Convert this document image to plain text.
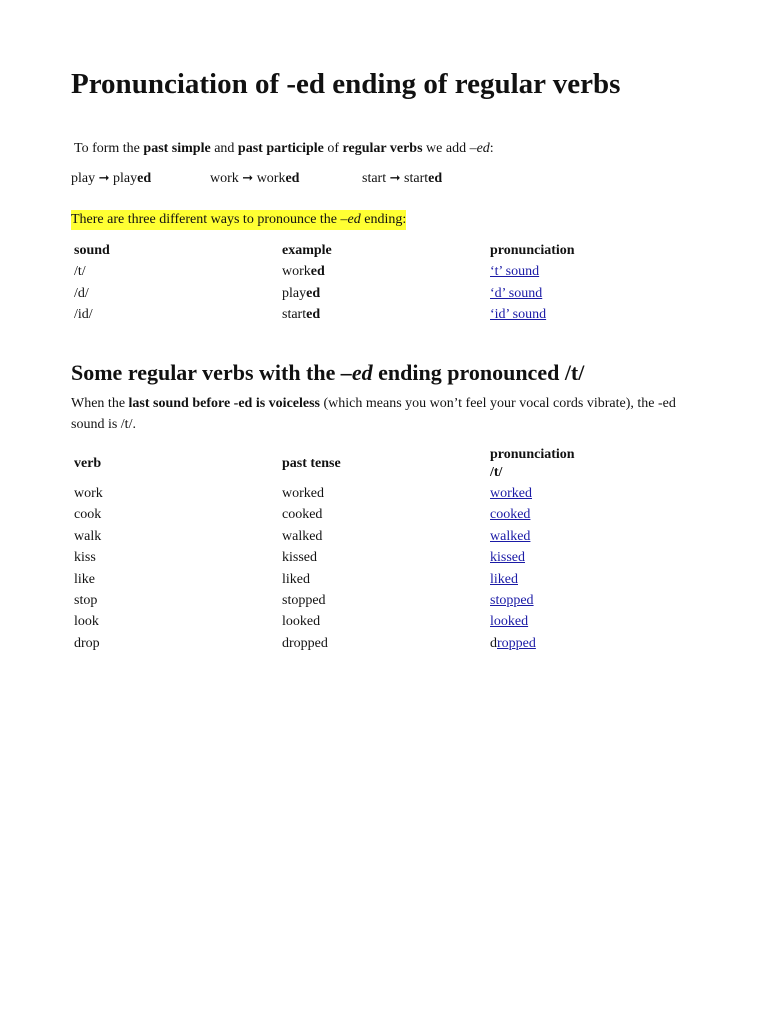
Pronunciation of -ed ending of regular verbs
To form the past simple and past participle of regular verbs we add –ed:
play ➞ played	work ➞ worked	start ➞ started
There are three different ways to pronounce the –ed ending:
sound	example	pronunciation
/t/	worked	‘t’ sound
/d/	played	‘d’ sound
/id/	started	‘id’ sound
Some regular verbs with the –ed ending pronounced /t/
When the last sound before -ed is voiceless (which means you won’t feel your vocal cords vibrate), the -ed sound is /t/.
verb	past tense
pronunciation
/t/
work	worked	worked
cook	cooked	cooked
walk	walked	walked
kiss	kissed	kissed
like	liked	liked
stop	stopped	stopped
look	looked	looked
drop	dropped	dropped
